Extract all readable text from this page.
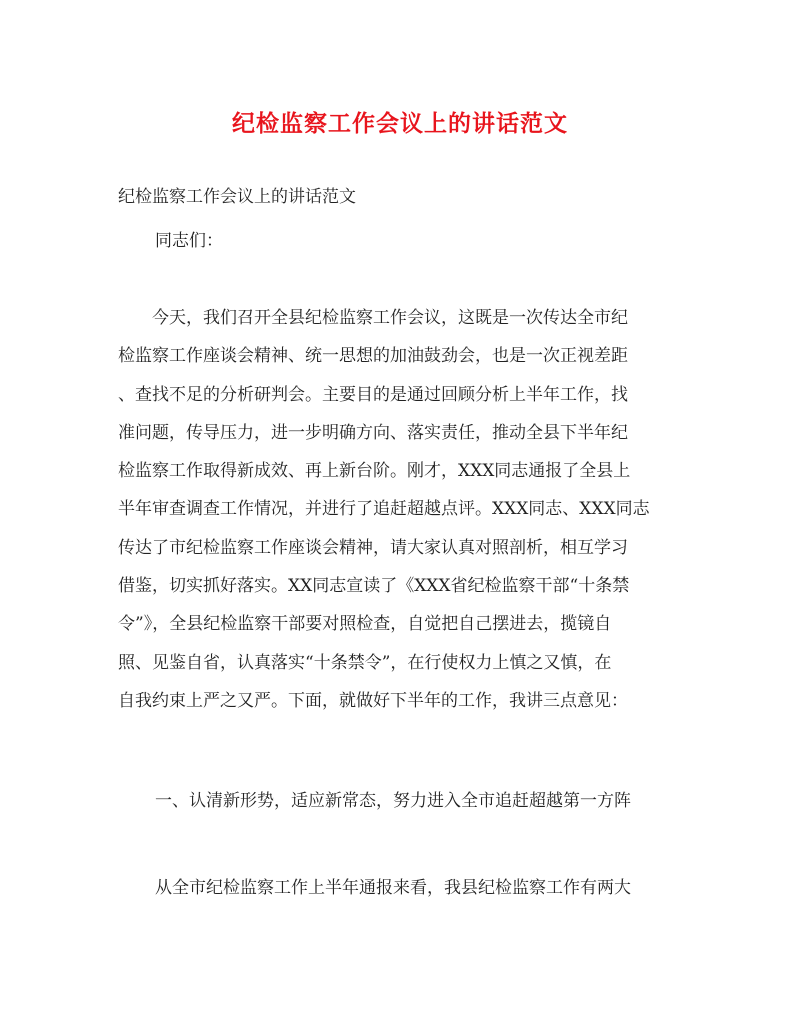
纪检监察工作会议上的讲话范文
纪检监察工作会议上的讲话范文
同志们：
　　今天，我们召开全县纪检监察工作会议，这既是一次传达全市纪
检监察工作座谈会精神、统一思想的加油鼓劲会，也是一次正视差距
、查找不足的分析研判会。主要目的是通过回顾分析上半年工作，找
准问题，传导压力，进一步明确方向、落实责任，推动全县下半年纪
检监察工作取得新成效、再上新台阶。刚才，XXX同志通报了全县上
半年审查调查工作情况，并进行了追赶超越点评。XXX同志、XXX同志
传达了市纪检监察工作座谈会精神，请大家认真对照剖析，相互学习
借鉴，切实抓好落实。XX同志宣读了《XXX省纪检监察干部“十条禁
令”》，全县纪检监察干部要对照检查，自觉把自己摆进去，揽镜自
照、见鉴自省，认真落实“十条禁令”，在行使权力上慎之又慎，在
自我约束上严之又严。下面，就做好下半年的工作，我讲三点意见：
一、认清新形势，适应新常态，努力进入全市追赶超越第一方阵
从全市纪检监察工作上半年通报来看，我县纪检监察工作有两大
